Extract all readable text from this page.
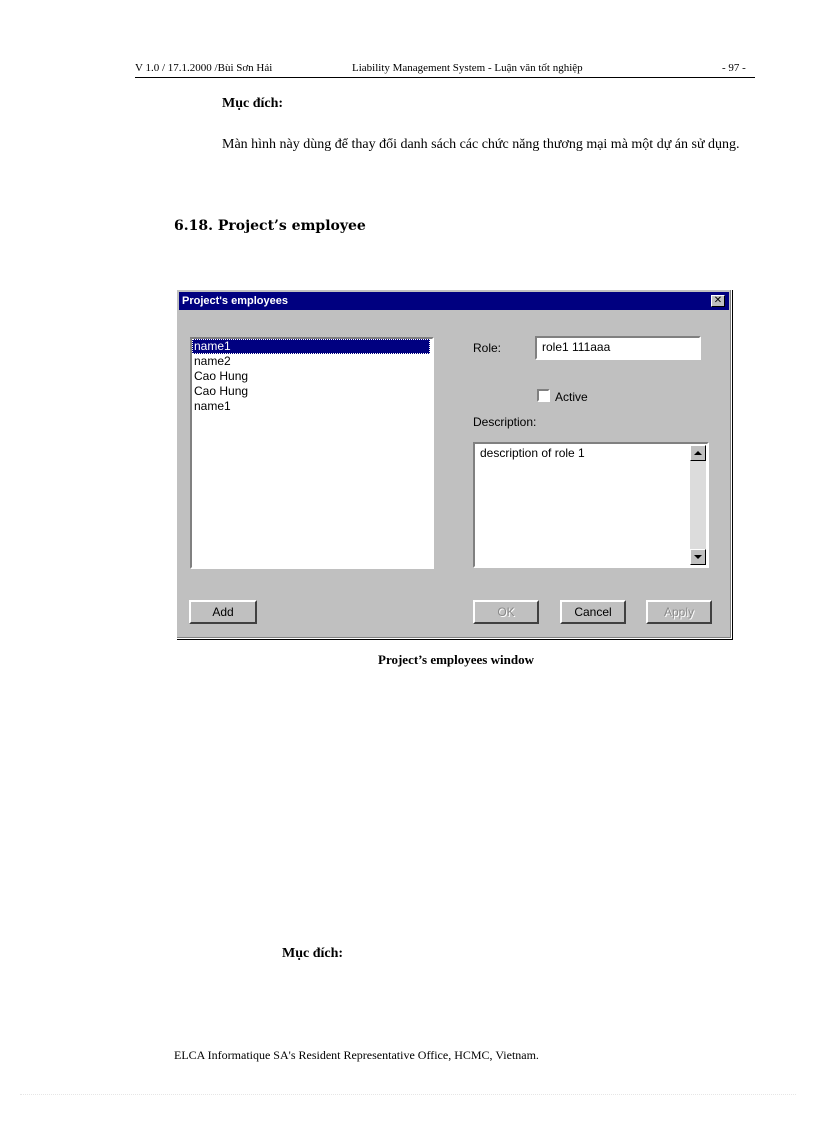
V 1.0 / 17.1.2000 /Bùi Sơn Hải	Liability Management System - Luận văn tốt nghiệp	- 97 -
Mục đích:
Màn hình này dùng để thay đổi danh sách các chức năng thương mại mà một dự án sử dụng.
6.18. Project’s employee
Project's employees	✕
name1
name2
Cao Hung
Cao Hung
name1
Role:	role1 111aaa
Active
Description:
description of role 1
Add	OK	Cancel	Apply
Project’s employees window
Mục đích:
ELCA Informatique SA's Resident Representative Office, HCMC, Vietnam.
